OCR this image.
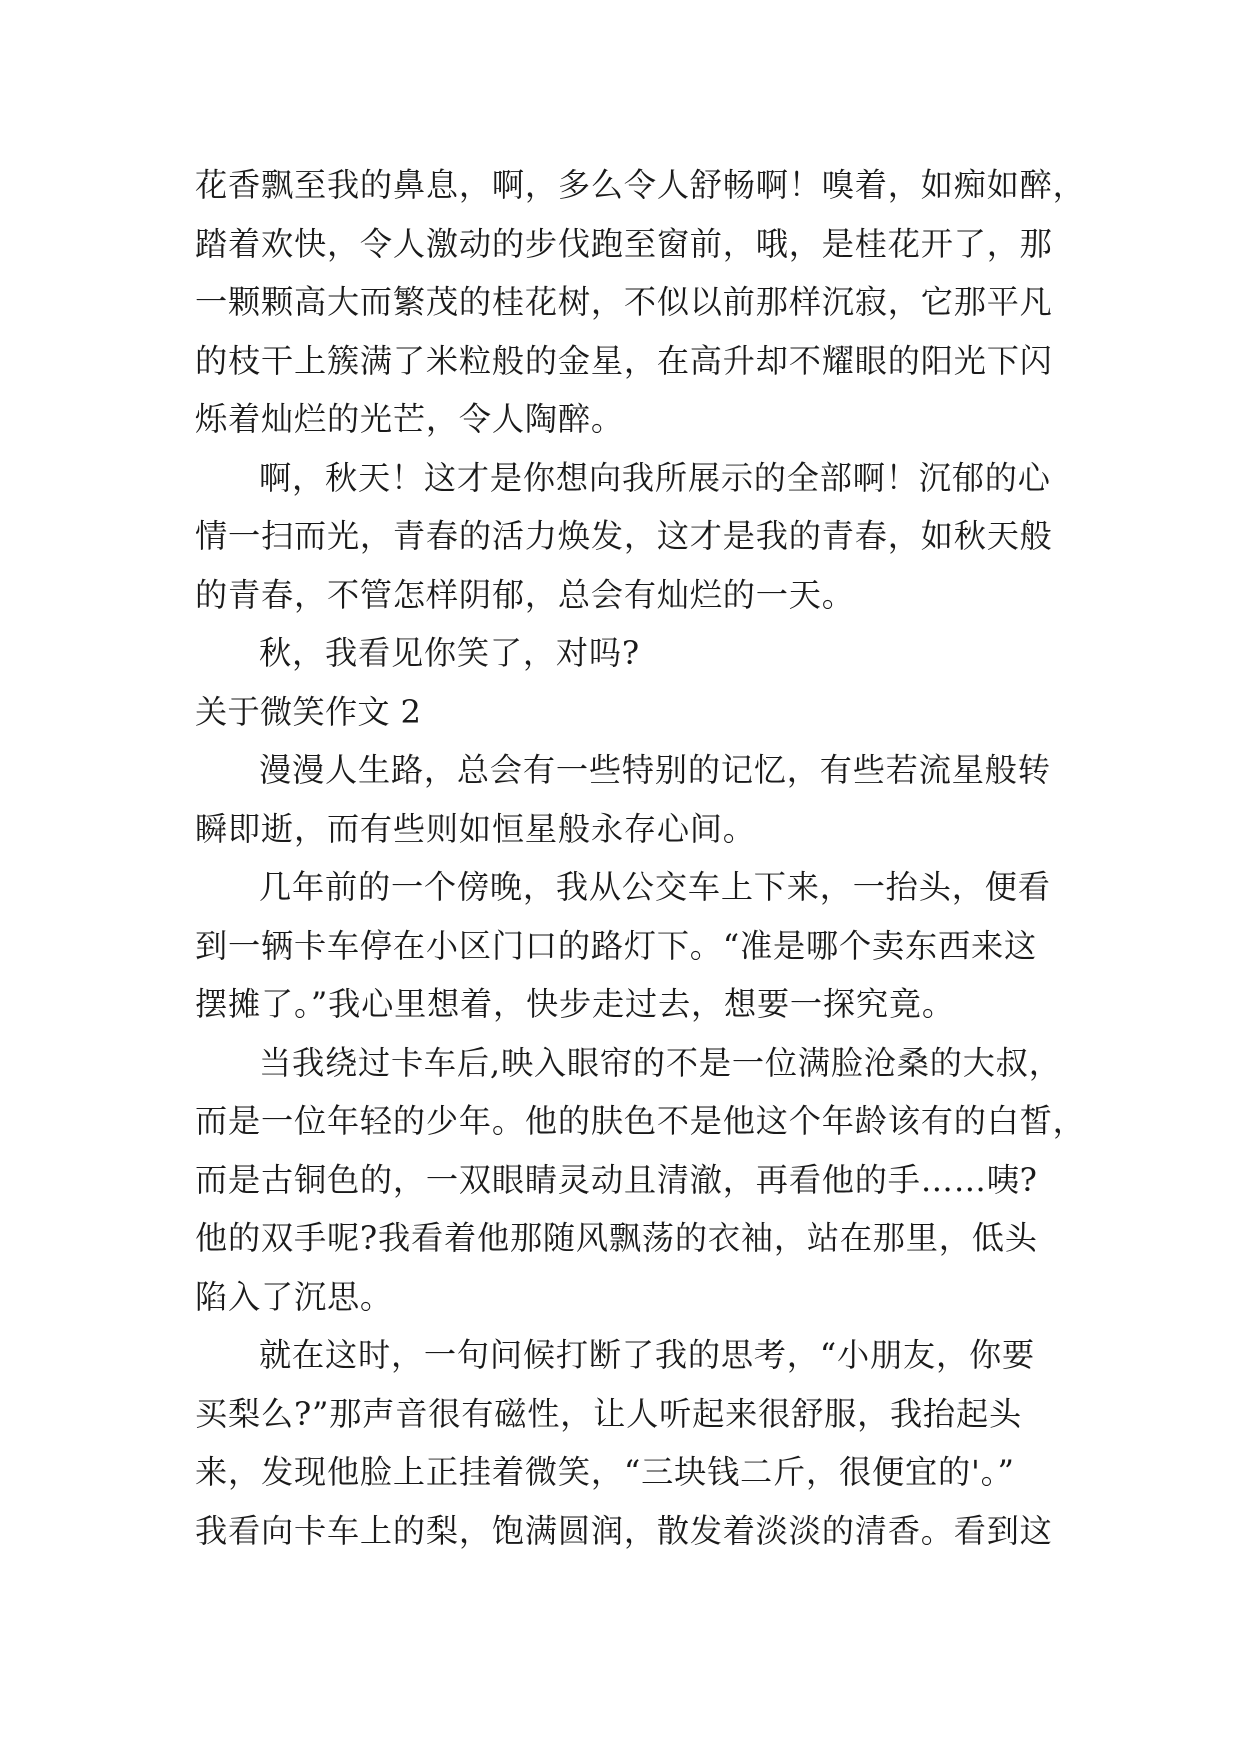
花香飘至我的鼻息，啊，多么令人舒畅啊！嗅着，如痴如醉，
踏着欢快，令人激动的步伐跑至窗前，哦，是桂花开了，那
一颗颗高大而繁茂的桂花树，不似以前那样沉寂，它那平凡
的枝干上簇满了米粒般的金星，在高升却不耀眼的阳光下闪
烁着灿烂的光芒，令人陶醉。
啊，秋天！这才是你想向我所展示的全部啊！沉郁的心
情一扫而光，青春的活力焕发，这才是我的青春，如秋天般
的青春，不管怎样阴郁，总会有灿烂的一天。
秋，我看见你笑了，对吗?
关于微笑作文 2
漫漫人生路，总会有一些特别的记忆，有些若流星般转
瞬即逝，而有些则如恒星般永存心间。
几年前的一个傍晚，我从公交车上下来，一抬头，便看
到一辆卡车停在小区门口的路灯下。“准是哪个卖东西来这
摆摊了。”我心里想着，快步走过去，想要一探究竟。
当我绕过卡车后,映入眼帘的不是一位满脸沧桑的大叔，
而是一位年轻的少年。他的肤色不是他这个年龄该有的白皙，
而是古铜色的，一双眼睛灵动且清澈，再看他的手……咦?
他的双手呢?我看着他那随风飘荡的衣袖，站在那里，低头
陷入了沉思。
就在这时，一句问候打断了我的思考，“小朋友，你要
买梨么?”那声音很有磁性，让人听起来很舒服，我抬起头
来，发现他脸上正挂着微笑，“三块钱二斤，很便宜的'。”
我看向卡车上的梨，饱满圆润，散发着淡淡的清香。看到这
